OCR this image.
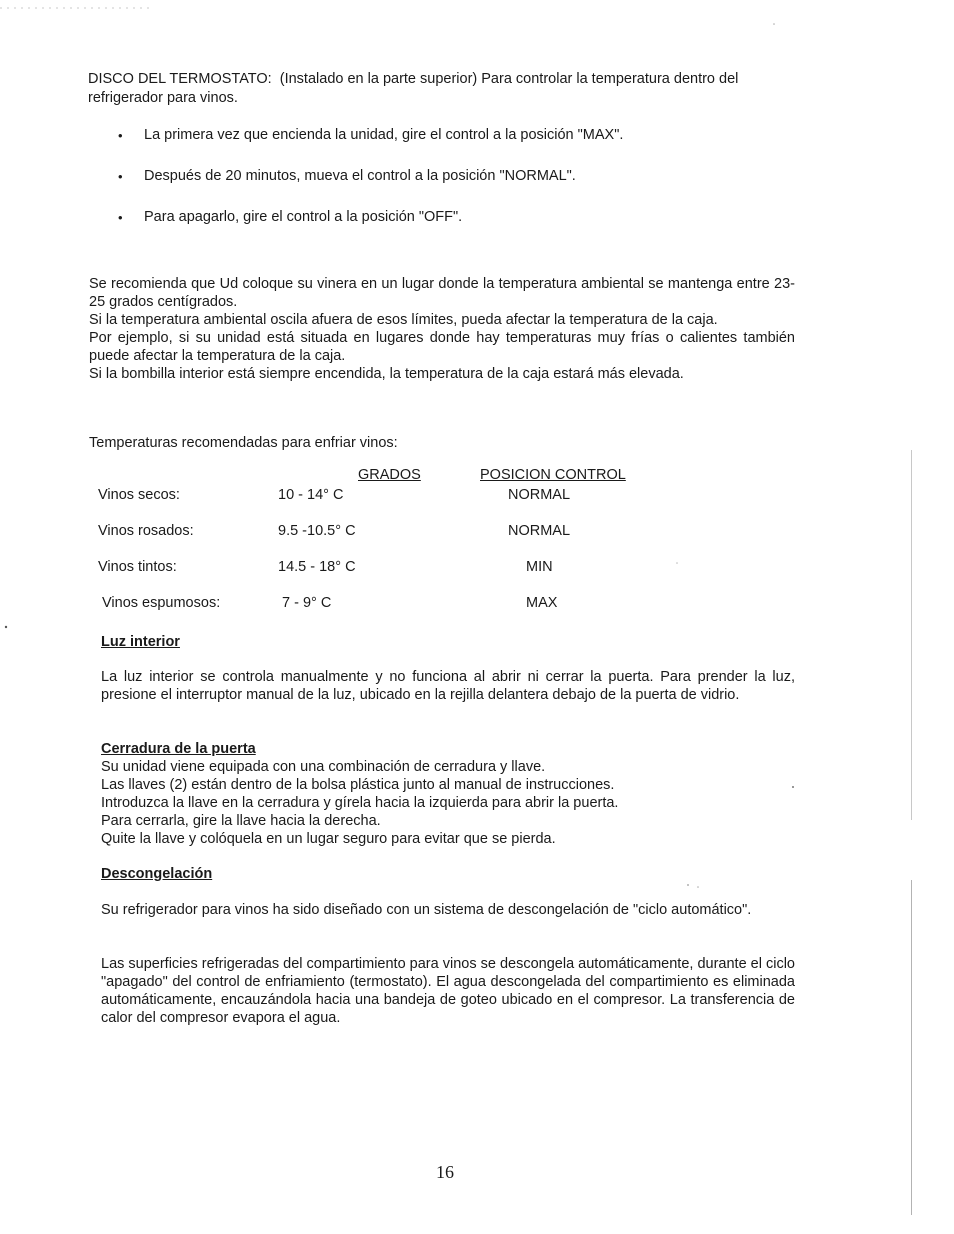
DISCO DEL TERMOSTATO: (Instalado en la parte superior) Para controlar la temperatura dentro del refrigerador para vinos.

• La primera vez que encienda la unidad, gire el control a la posición "MAX".
• Después de 20 minutos, mueva el control a la posición "NORMAL".
• Para apagarlo, gire el control a la posición "OFF".

Se recomienda que Ud coloque su vinera en un lugar donde la temperatura ambiental se mantenga entre 23-25 grados centígrados.
Si la temperatura ambiental oscila afuera de esos límites, pueda afectar la temperatura de la caja.
Por ejemplo, si su unidad está situada en lugares donde hay temperaturas muy frías o calientes también puede afectar la temperatura de la caja.
Si la bombilla interior está siempre encendida, la temperatura de la caja estará más elevada.

Temperaturas recomendadas para enfriar vinos:

	GRADOS	POSICION CONTROL
Vinos secos:	10 - 14° C	NORMAL
Vinos rosados:	9.5 -10.5° C	NORMAL
Vinos tintos:	14.5 - 18° C	MIN
Vinos espumosos:	7 - 9° C	MAX

Luz interior

La luz interior se controla manualmente y no funciona al abrir ni cerrar la puerta. Para prender la luz, presione el interruptor manual de la luz, ubicado en la rejilla delantera debajo de la puerta de vidrio.

Cerradura de la puerta

Su unidad viene equipada con una combinación de cerradura y llave.
Las llaves (2) están dentro de la bolsa plástica junto al manual de instrucciones.
Introduzca la llave en la cerradura y gírela hacia la izquierda para abrir la puerta.
Para cerrarla, gire la llave hacia la derecha.
Quite la llave y colóquela en un lugar seguro para evitar que se pierda.

Descongelación

Su refrigerador para vinos ha sido diseñado con un sistema de descongelación de "ciclo automático".

Las superficies refrigeradas del compartimiento para vinos se descongela automáticamente, durante el ciclo "apagado" del control de enfriamiento (termostato). El agua descongelada del compartimiento es eliminada automáticamente, encauzándola hacia una bandeja de goteo ubicado en el compresor. La transferencia de calor del compresor evapora el agua.

16
